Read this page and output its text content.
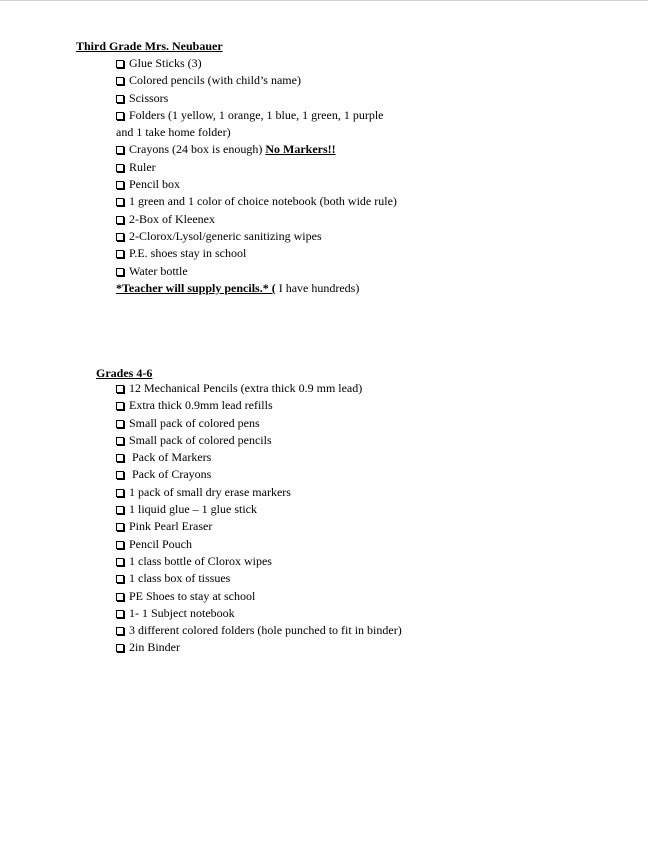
Third Grade Mrs. Neubauer
Glue Sticks (3)
Colored pencils (with child’s name)
Scissors
Folders (1 yellow, 1 orange, 1 blue, 1 green, 1 purple
and 1 take home folder)
Crayons (24 box is enough) No Markers!!
Ruler
Pencil box
1 green and 1 color of choice notebook (both wide rule)
2-Box of Kleenex
2-Clorox/Lysol/generic sanitizing wipes
P.E. shoes stay in school
Water bottle
*Teacher will supply pencils.* ( I have hundreds)
Grades 4-6
12 Mechanical Pencils (extra thick 0.9 mm lead)
Extra thick 0.9mm lead refills
Small pack of colored pens
Small pack of colored pencils
Pack of Markers
Pack of Crayons
1 pack of small dry erase markers
1 liquid glue – 1 glue stick
Pink Pearl Eraser
Pencil Pouch
1 class bottle of Clorox wipes
1 class box of tissues
PE Shoes to stay at school
1- 1 Subject notebook
3 different colored folders (hole punched to fit in binder)
2in Binder
